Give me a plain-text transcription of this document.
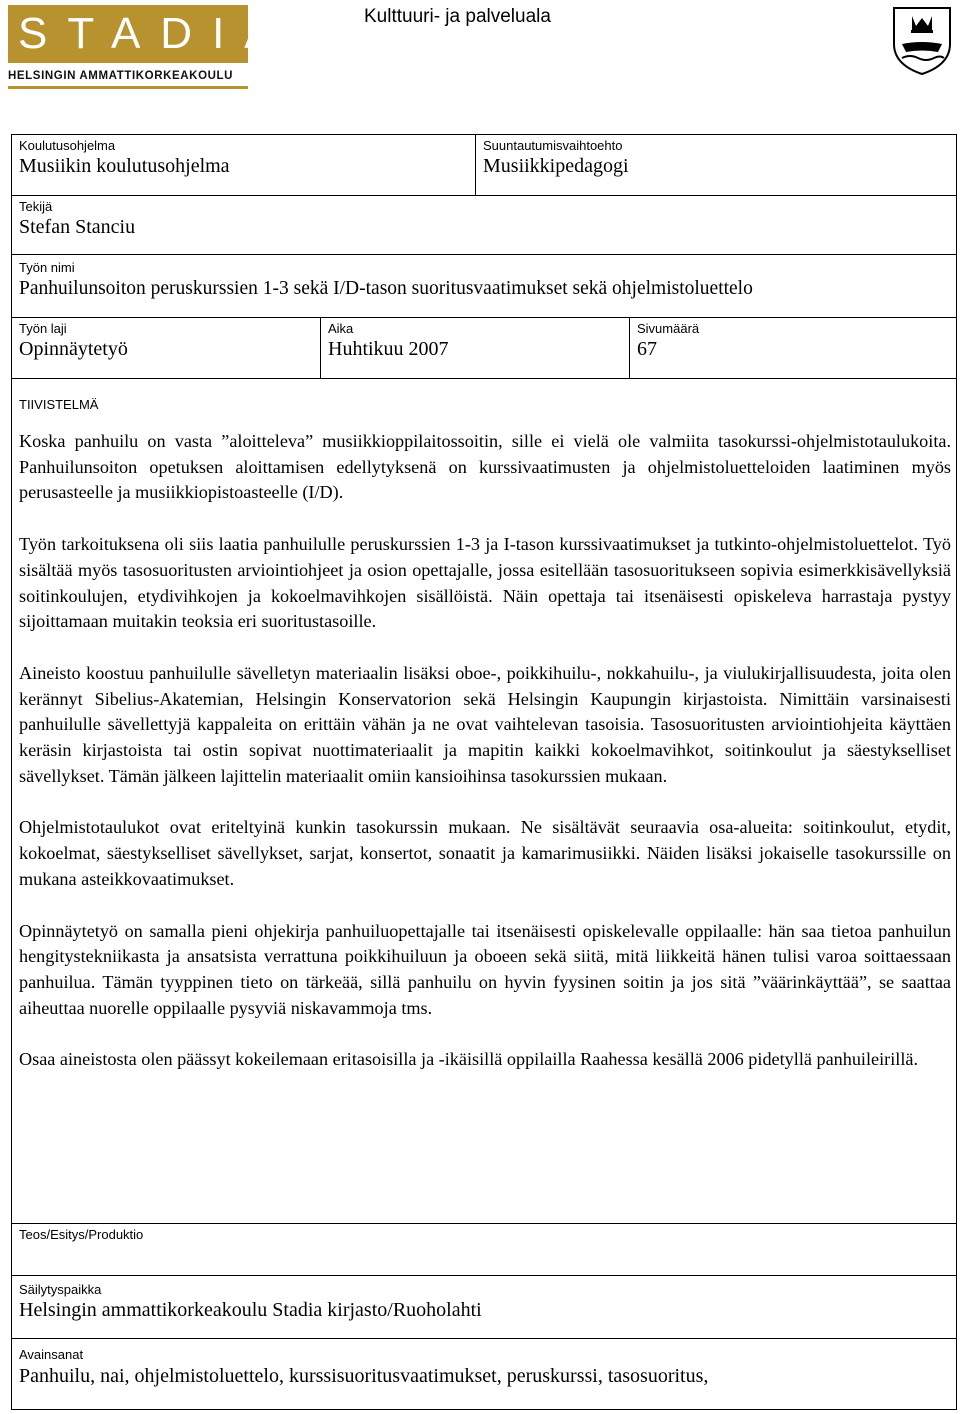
STADIA
HELSINGIN AMMATTIKORKEAKOULU
Kulttuuri- ja palveluala
Koulutusohjelma
Musiikin koulutusohjelma
Suuntautumisvaihtoehto
Musiikkipedagogi
Tekijä
Stefan Stanciu
Työn nimi
Panhuilunsoiton peruskurssien 1-3 sekä I/D-tason suoritusvaatimukset sekä ohjelmistoluettelo
Työn laji
Opinnäytetyö
Aika
Huhtikuu 2007
Sivumäärä
67
TIIVISTELMÄ

Koska panhuilu on vasta ”aloitteleva” musiikkioppilaitossoitin, sille ei vielä ole valmiita tasokurssi-ohjelmistotaulukoita. Panhuilunsoiton opetuksen aloittamisen edellytyksenä on kurssivaatimusten ja ohjelmistoluetteloiden laatiminen myös perusasteelle ja musiikkiopistoasteelle (I/D).

Työn tarkoituksena oli siis laatia panhuilulle peruskurssien 1-3 ja I-tason kurssivaatimukset ja tutkinto-ohjelmistoluettelot. Työ sisältää myös tasosuoritusten arviointiohjeet ja osion opettajalle, jossa esitellään tasosuoritukseen sopivia esimerkkisävellyksiä soitinkoulujen, etydivihkojen ja kokoelmavihkojen sisällöistä. Näin opettaja tai itsenäisesti opiskeleva harrastaja pystyy sijoittamaan muitakin teoksia eri suoritustasoille.

Aineisto koostuu panhuilulle sävelletyn materiaalin lisäksi oboe-, poikkihuilu-, nokkahuilu-, ja viulukirjallisuudesta, joita olen kerännyt Sibelius-Akatemian, Helsingin Konservatorion sekä Helsingin Kaupungin kirjastoista. Nimittäin varsinaisesti panhuilulle sävellettyjä kappaleita on erittäin vähän ja ne ovat vaihtelevan tasoisia. Tasosuoritusten arviointiohjeita käyttäen keräsin kirjastoista tai ostin sopivat nuottimateriaalit ja mapitin kaikki kokoelmavihkot, soitinkoulut ja säestykselliset sävellykset. Tämän jälkeen lajittelin materiaalit omiin kansioihinsa tasokurssien mukaan.

Ohjelmistotaulukot ovat eriteltyinä kunkin tasokurssin mukaan. Ne sisältävät seuraavia osa-alueita: soitinkoulut, etydit, kokoelmat, säestykselliset sävellykset, sarjat, konsertot, sonaatit ja kamarimusiikki. Näiden lisäksi jokaiselle tasokurssille on mukana asteikkovaatimukset.

Opinnäytetyö on samalla pieni ohjekirja panhuiluopettajalle tai itsenäisesti opiskelevalle oppilaalle: hän saa tietoa panhuilun hengitystekniikasta ja ansatsista verrattuna poikkihuiluun ja oboeen sekä siitä, mitä liikkeitä hänen tulisi varoa soittaessaan panhuilua. Tämän tyyppinen tieto on tärkeää, sillä panhuilu on hyvin fyysinen soitin ja jos sitä ”väärinkäyttää”, se saattaa aiheuttaa nuorelle oppilaalle pysyviä niskavammoja tms.

Osaa aineistosta olen päässyt kokeilemaan eritasoisilla ja -ikäisillä oppilailla Raahessa kesällä 2006 pidetyllä panhuileirillä.

Teos/Esitys/Produktio
Säilytyspaikka
Helsingin ammattikorkeakoulu Stadia kirjasto/Ruoholahti
Avainsanat
Panhuilu, nai, ohjelmistoluettelo, kurssisuoritusvaatimukset, peruskurssi, tasosuoritus,
